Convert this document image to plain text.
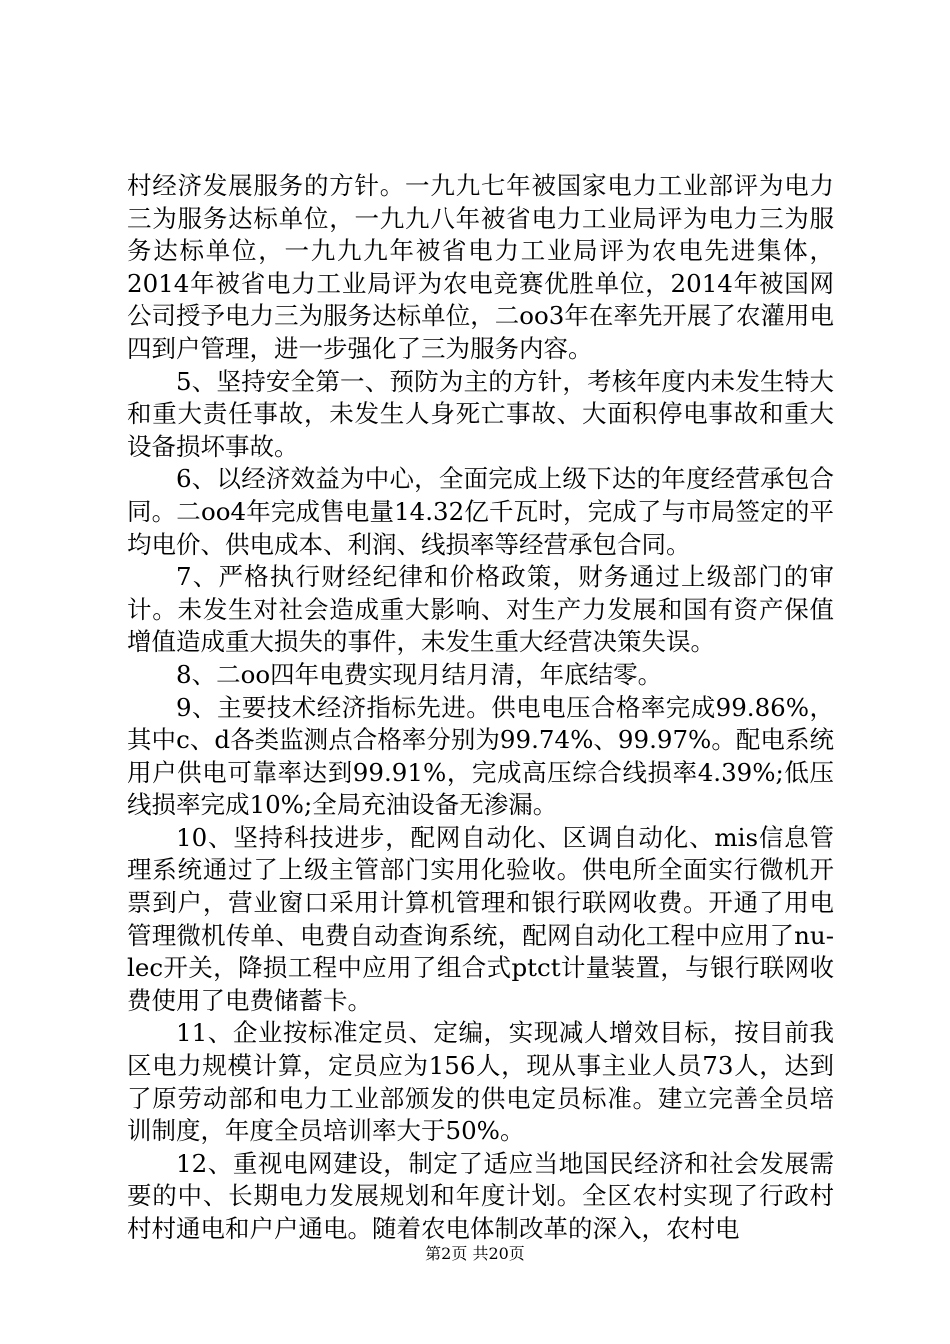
村经济发展服务的方针。一九九七年被国家电力工业部评为电力三为服务达标单位，一九九八年被省电力工业局评为电力三为服务达标单位，一九九九年被省电力工业局评为农电先进集体，2014年被省电力工业局评为农电竞赛优胜单位，2014年被国网公司授予电力三为服务达标单位，二oo3年在率先开展了农灌用电四到户管理，进一步强化了三为服务内容。

5、坚持安全第一、预防为主的方针，考核年度内未发生特大和重大责任事故，未发生人身死亡事故、大面积停电事故和重大设备损坏事故。

6、以经济效益为中心，全面完成上级下达的年度经营承包合同。二oo4年完成售电量14.32亿千瓦时，完成了与市局签定的平均电价、供电成本、利润、线损率等经营承包合同。

7、严格执行财经纪律和价格政策，财务通过上级部门的审计。未发生对社会造成重大影响、对生产力发展和国有资产保值增值造成重大损失的事件，未发生重大经营决策失误。

8、二oo四年电费实现月结月清，年底结零。

9、主要技术经济指标先进。供电电压合格率完成99.86%，其中c、d各类监测点合格率分别为99.74%、99.97%。配电系统用户供电可靠率达到99.91%，完成高压综合线损率4.39%;低压线损率完成10%;全局充油设备无渗漏。

10、坚持科技进步，配网自动化、区调自动化、mis信息管理系统通过了上级主管部门实用化验收。供电所全面实行微机开票到户，营业窗口采用计算机管理和银行联网收费。开通了用电管理微机传单、电费自动查询系统，配网自动化工程中应用了nu-lec开关，降损工程中应用了组合式ptct计量装置，与银行联网收费使用了电费储蓄卡。

11、企业按标准定员、定编，实现减人增效目标，按目前我区电力规模计算，定员应为156人，现从事主业人员73人，达到了原劳动部和电力工业部颁发的供电定员标准。建立完善全员培训制度，年度全员培训率大于50%。

12、重视电网建设，制定了适应当地国民经济和社会发展需要的中、长期电力发展规划和年度计划。全区农村实现了行政村村村通电和户户通电。随着农电体制改革的深入，农村电

第2页 共20页
